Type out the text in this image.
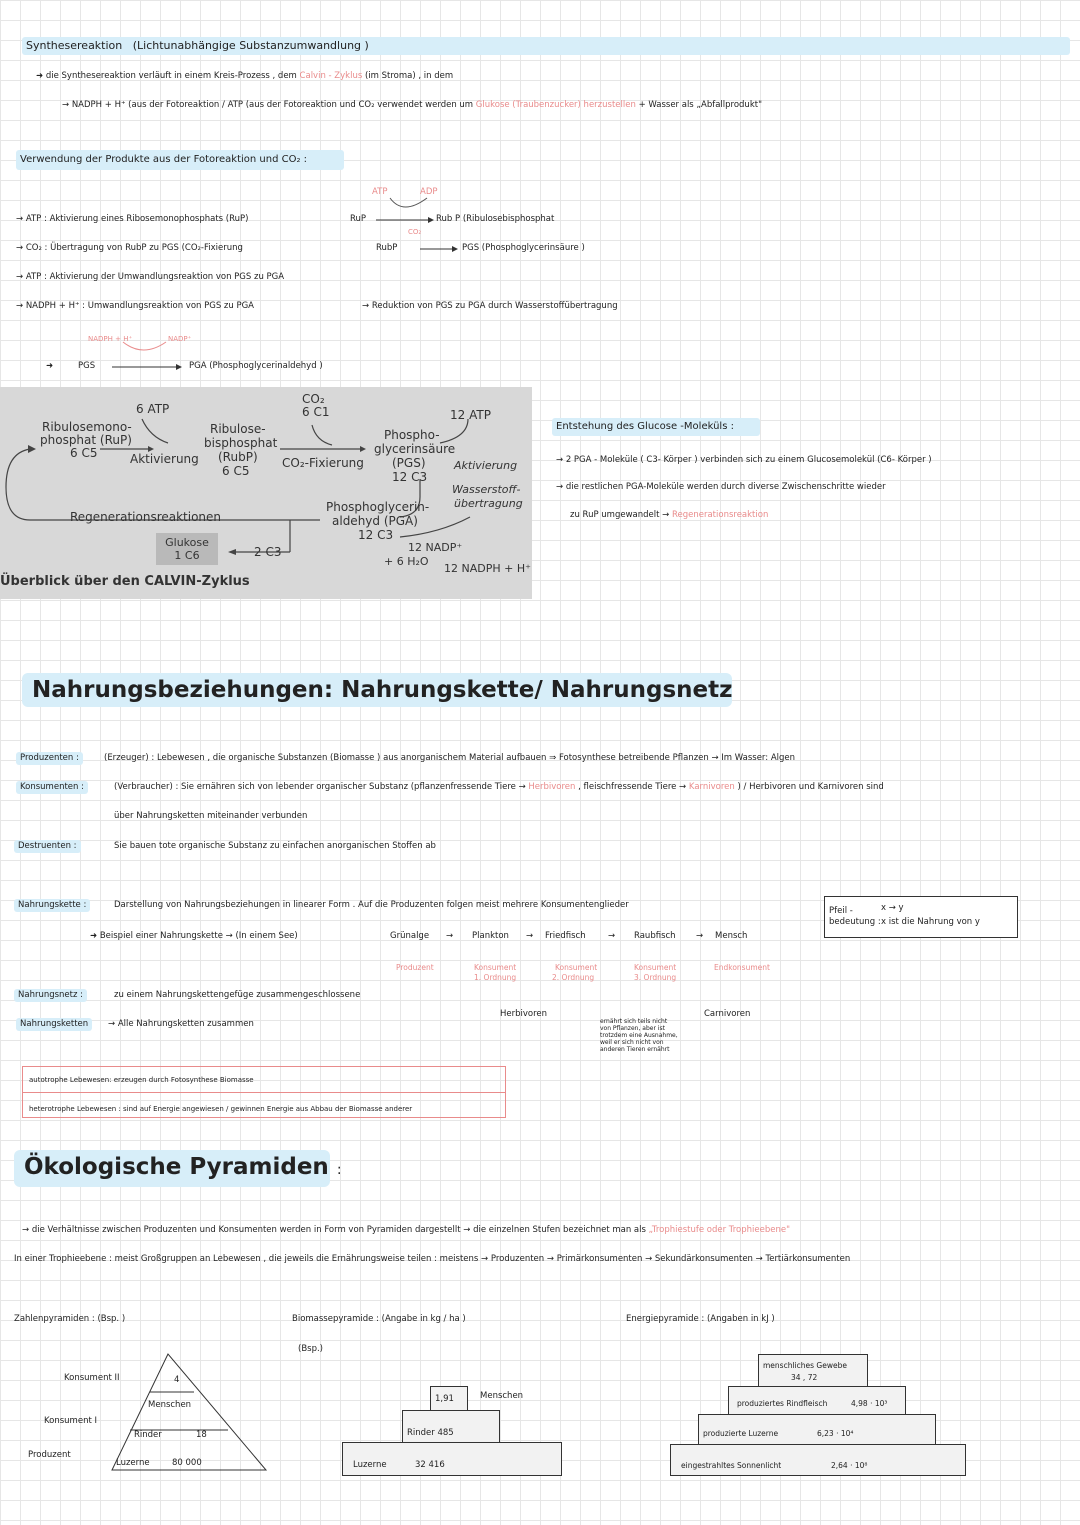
Synthesereaktion (Lichtunabhängige Substanzumwandlung )
➜ die Synthesereaktion verläuft in einem Kreis-Prozess , dem Calvin - Zyklus (im Stroma) , in dem
→ NADPH + H⁺ (aus der Fotoreaktion / ATP (aus der Fotoreaktion und CO₂ verwendet werden um Glukose (Traubenzucker) herzustellen + Wasser als „Abfallprodukt"
Verwendung der Produkte aus der Fotoreaktion und CO₂ :
→ ATP : Aktivierung eines Ribosemonophosphats (RuP)
→ CO₂ : Übertragung von RubP zu PGS (CO₂-Fixierung
→ ATP : Aktivierung der Umwandlungsreaktion von PGS zu PGA
→ NADPH + H⁺ : Umwandlungsreaktion von PGS zu PGA	→ Reduktion von PGS zu PGA durch Wasserstoffübertragung
ATP	ADP
RuP	Rub P (Ribulosebisphosphat
CO₂
RubP	PGS (Phosphoglycerinsäure )
NADPH + H⁺	NADP⁺
➜	PGS	PGA (Phosphoglycerinaldehyd )
6 ATP
CO₂
6 C1	12 ATP
Ribulosemono-
phosphat (RuP)
6 C5	Aktivierung
Ribulose-
bisphosphat
(RubP)
6 C5
CO₂-Fixierung
Phospho-
glycerinsäure
(PGS)
12 C3
Aktivierung
Wasserstoff-
übertragung
Regenerationsreaktionen
Phosphoglycerin-
aldehyd (PGA)
12 C3
12 NADP⁺
+ 6 H₂O
12 NADPH + H⁺
Glukose
1 C6	2 C3
Überblick über den CALVIN-Zyklus
Entstehung des Glucose -Moleküls :
→ 2 PGA - Moleküle ( C3- Körper ) verbinden sich zu einem Glucosemolekül (C6- Körper )
→ die restlichen PGA-Moleküle werden durch diverse Zwischenschritte wieder
zu RuP umgewandelt → Regenerationsreaktion
Nahrungsbeziehungen: Nahrungskette/ Nahrungsnetz
Produzenten :	(Erzeuger) : Lebewesen , die organische Substanzen (Biomasse ) aus anorganischem Material aufbauen ⇒ Fotosynthese betreibende Pflanzen → Im Wasser: Algen
Konsumenten :	(Verbraucher) : Sie ernähren sich von lebender organischer Substanz (pflanzenfressende Tiere → Herbivoren , fleischfressende Tiere → Karnivoren ) / Herbivoren und Karnivoren sind
über Nahrungsketten miteinander verbunden
Destruenten :	Sie bauen tote organische Substanz zu einfachen anorganischen Stoffen ab
Nahrungskette :	Darstellung von Nahrungsbeziehungen in linearer Form . Auf die Produzenten folgen meist mehrere Konsumentenglieder
Pfeil -
bedeutung :
x → y
x ist die Nahrung von y
➜ Beispiel einer Nahrungskette → (In einem See)	Grünalge → Plankton → Friedfisch	→ Raubfisch → Mensch
Produzent	Konsument
1. Ordnung
Konsument
2. Ordnung
Konsument
3. Ordnung
Endkonsument
Herbivoren	Carnivoren
ernährt sich teils nicht von Pflanzen, aber ist trotzdem eine Ausnahme, weil er sich nicht von anderen Tieren ernährt
Nahrungsnetz :	zu einem Nahrungskettengefüge zusammengeschlossene
Nahrungsketten	→ Alle Nahrungsketten zusammen
autotrophe Lebewesen: erzeugen durch Fotosynthese Biomasse
heterotrophe Lebewesen : sind auf Energie angewiesen / gewinnen Energie aus Abbau der Biomasse anderer
Ökologische Pyramiden :
→ die Verhältnisse zwischen Produzenten und Konsumenten werden in Form von Pyramiden dargestellt → die einzelnen Stufen bezeichnet man als „Trophiestufe oder Trophieebene"
In einer Trophieebene : meist Großgruppen an Lebewesen , die jeweils die Ernährungsweise teilen : meistens → Produzenten → Primärkonsumenten → Sekundärkonsumenten → Tertiärkonsumenten
Zahlenpyramiden : (Bsp. )
Konsument II
Konsument I
Produzent
4
Menschen
Rinder	18
Luzerne	80 000
Biomassepyramide : (Angabe in kg / ha )
(Bsp.)
1,91	Menschen
Rinder 485
Luzerne	32 416
Energiepyramide : (Angaben in kJ )
menschliches Gewebe
34 , 72
produziertes Rindfleisch	4,98 · 10³
produzierte Luzerne	6,23 · 10⁴
eingestrahltes Sonnenlicht	2,64 · 10⁸
